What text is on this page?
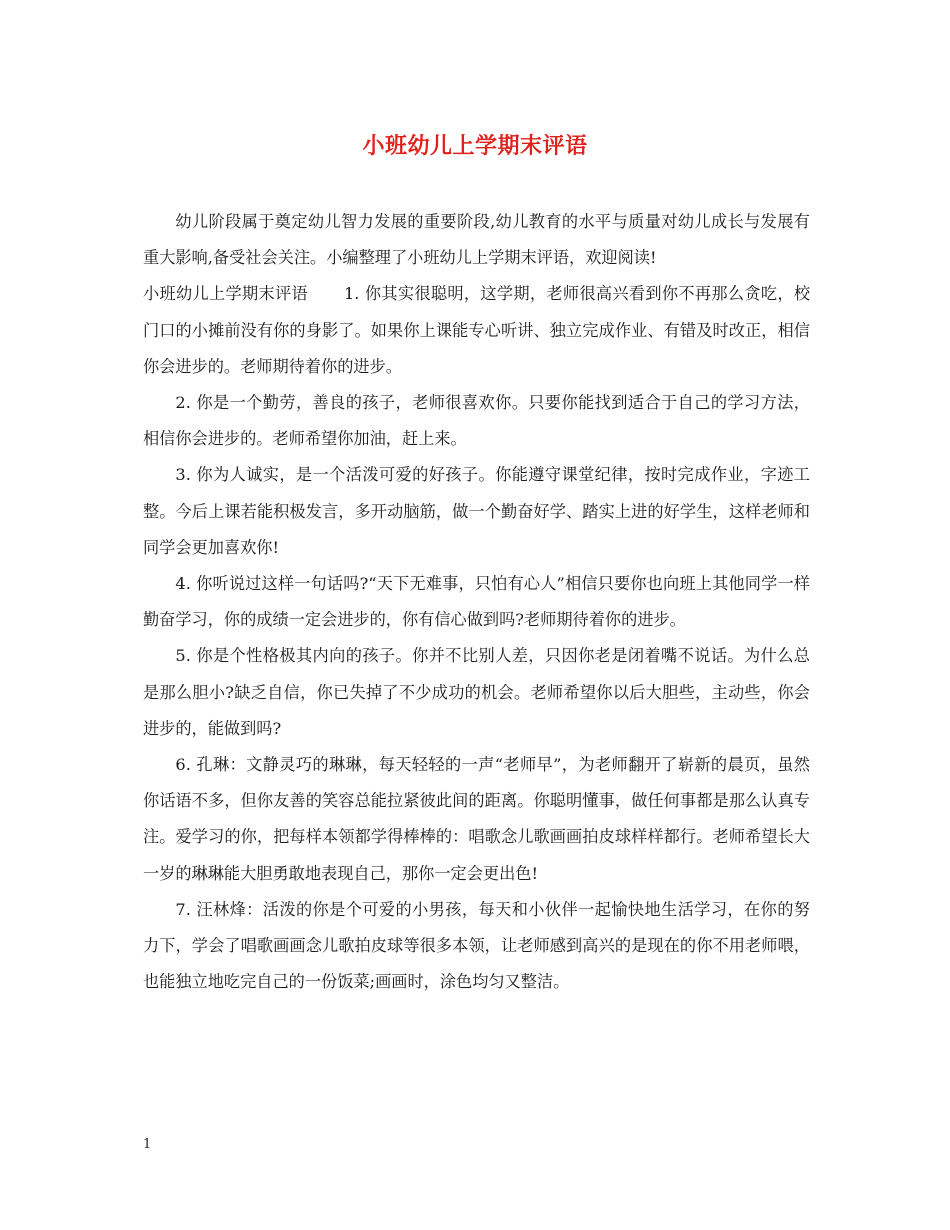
小班幼儿上学期末评语

幼儿阶段属于奠定幼儿智力发展的重要阶段,幼儿教育的水平与质量对幼儿成长与发展有重大影响,备受社会关注。小编整理了小班幼儿上学期末评语，欢迎阅读!

小班幼儿上学期末评语 1. 你其实很聪明，这学期，老师很高兴看到你不再那么贪吃，校门口的小摊前没有你的身影了。如果你上课能专心听讲、独立完成作业、有错及时改正，相信你会进步的。老师期待着你的进步。

2. 你是一个勤劳，善良的孩子，老师很喜欢你。只要你能找到适合于自己的学习方法，相信你会进步的。老师希望你加油，赶上来。

3. 你为人诚实，是一个活泼可爱的好孩子。你能遵守课堂纪律，按时完成作业，字迹工整。今后上课若能积极发言，多开动脑筋，做一个勤奋好学、踏实上进的好学生，这样老师和同学会更加喜欢你!

4. 你听说过这样一句话吗?“天下无难事，只怕有心人”相信只要你也向班上其他同学一样勤奋学习，你的成绩一定会进步的，你有信心做到吗?老师期待着你的进步。

5. 你是个性格极其内向的孩子。你并不比别人差，只因你老是闭着嘴不说话。为什么总是那么胆小?缺乏自信，你已失掉了不少成功的机会。老师希望你以后大胆些，主动些，你会进步的，能做到吗?

6. 孔琳：文静灵巧的琳琳，每天轻轻的一声“老师早”，为老师翻开了崭新的晨页，虽然你话语不多，但你友善的笑容总能拉紧彼此间的距离。你聪明懂事，做任何事都是那么认真专注。爱学习的你，把每样本领都学得棒棒的：唱歌念儿歌画画拍皮球样样都行。老师希望长大一岁的琳琳能大胆勇敢地表现自己，那你一定会更出色!

7. 汪林烽：活泼的你是个可爱的小男孩，每天和小伙伴一起愉快地生活学习，在你的努力下，学会了唱歌画画念儿歌拍皮球等很多本领，让老师感到高兴的是现在的你不用老师喂，也能独立地吃完自己的一份饭菜;画画时，涂色均匀又整洁。

1
